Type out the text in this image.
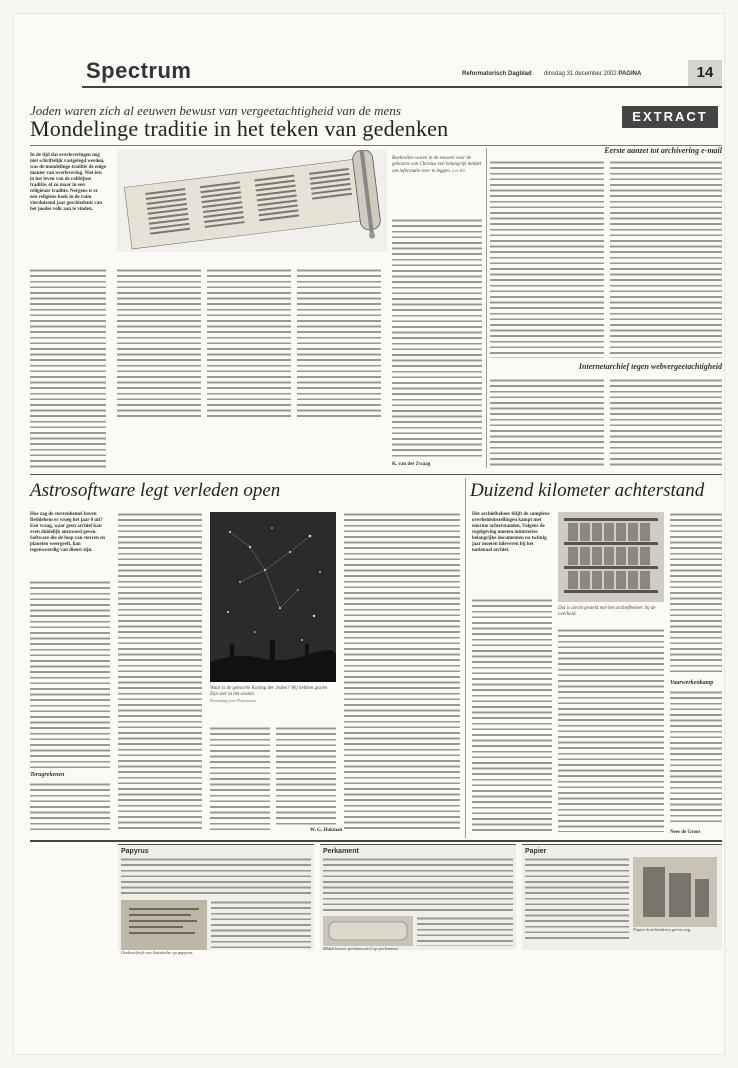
Spectrum	Reformatorisch Dagblad dinsdag 31 december 2002 PAGINA	14
Joden waren zich al eeuwen bewust van vergeetachtigheid van de mens
Mondelinge traditie in het teken van gedenken	EXTRACT
In de tijd dat overleveringen nog niet schriftelijk vastgelegd werden, was de mondelinge traditie de enige manier van overlevering. Niet iets in het leven van de rabbijnse traditie, of zo maar in een religieuze traditie. Nergens is er een religieus boek in de ruim vierduizend jaar geschiedenis van het joodse volk aan te vinden.
Boekrollen waren in de eeuwen voor de geboorte van Christus een belangrijk middel om informatie over te leggen. foto RD
K. van der Zwaag
Eerste aanzet tot archivering e-mail
Internetarchief tegen webvergeetachtigheid
Astrosoftware legt verleden open	Duizend kilometer achterstand
Hoe zag de sterrenhemel boven Bethlehem er vroeg het jaar 0 uit? Een vraag, waar geen archief kan even duidelijk antwoord geven. Software die de loop van sterren en planeten weergeeft, kan tegenwoordig van dienst zijn.
Terugrekenen
Waar is de geboorte Koning der Joden? Wij hebben gezien Zijn ster in het oosten.
Bewerking door Planetarium
W. G. Hukman
Het archiefbeheer blijft de complexe overheidsinstellingen kampt met enorme achterstanden. Volgens de regelgeving moeten ministeries belangrijke documenten na twintig jaar moeten inleveren bij het nationaal archief.
Dat is slecht gesteld met het archiefbeheer bij de overheid.
Vaarwerkenkamp
Nees de Groot
Papyrus
Onderschrift van Aziatische op papyrus.
Perkament
Middeleeuws perkamentrol op perkament.
Papier
Papier kom kinderen geven nog.
